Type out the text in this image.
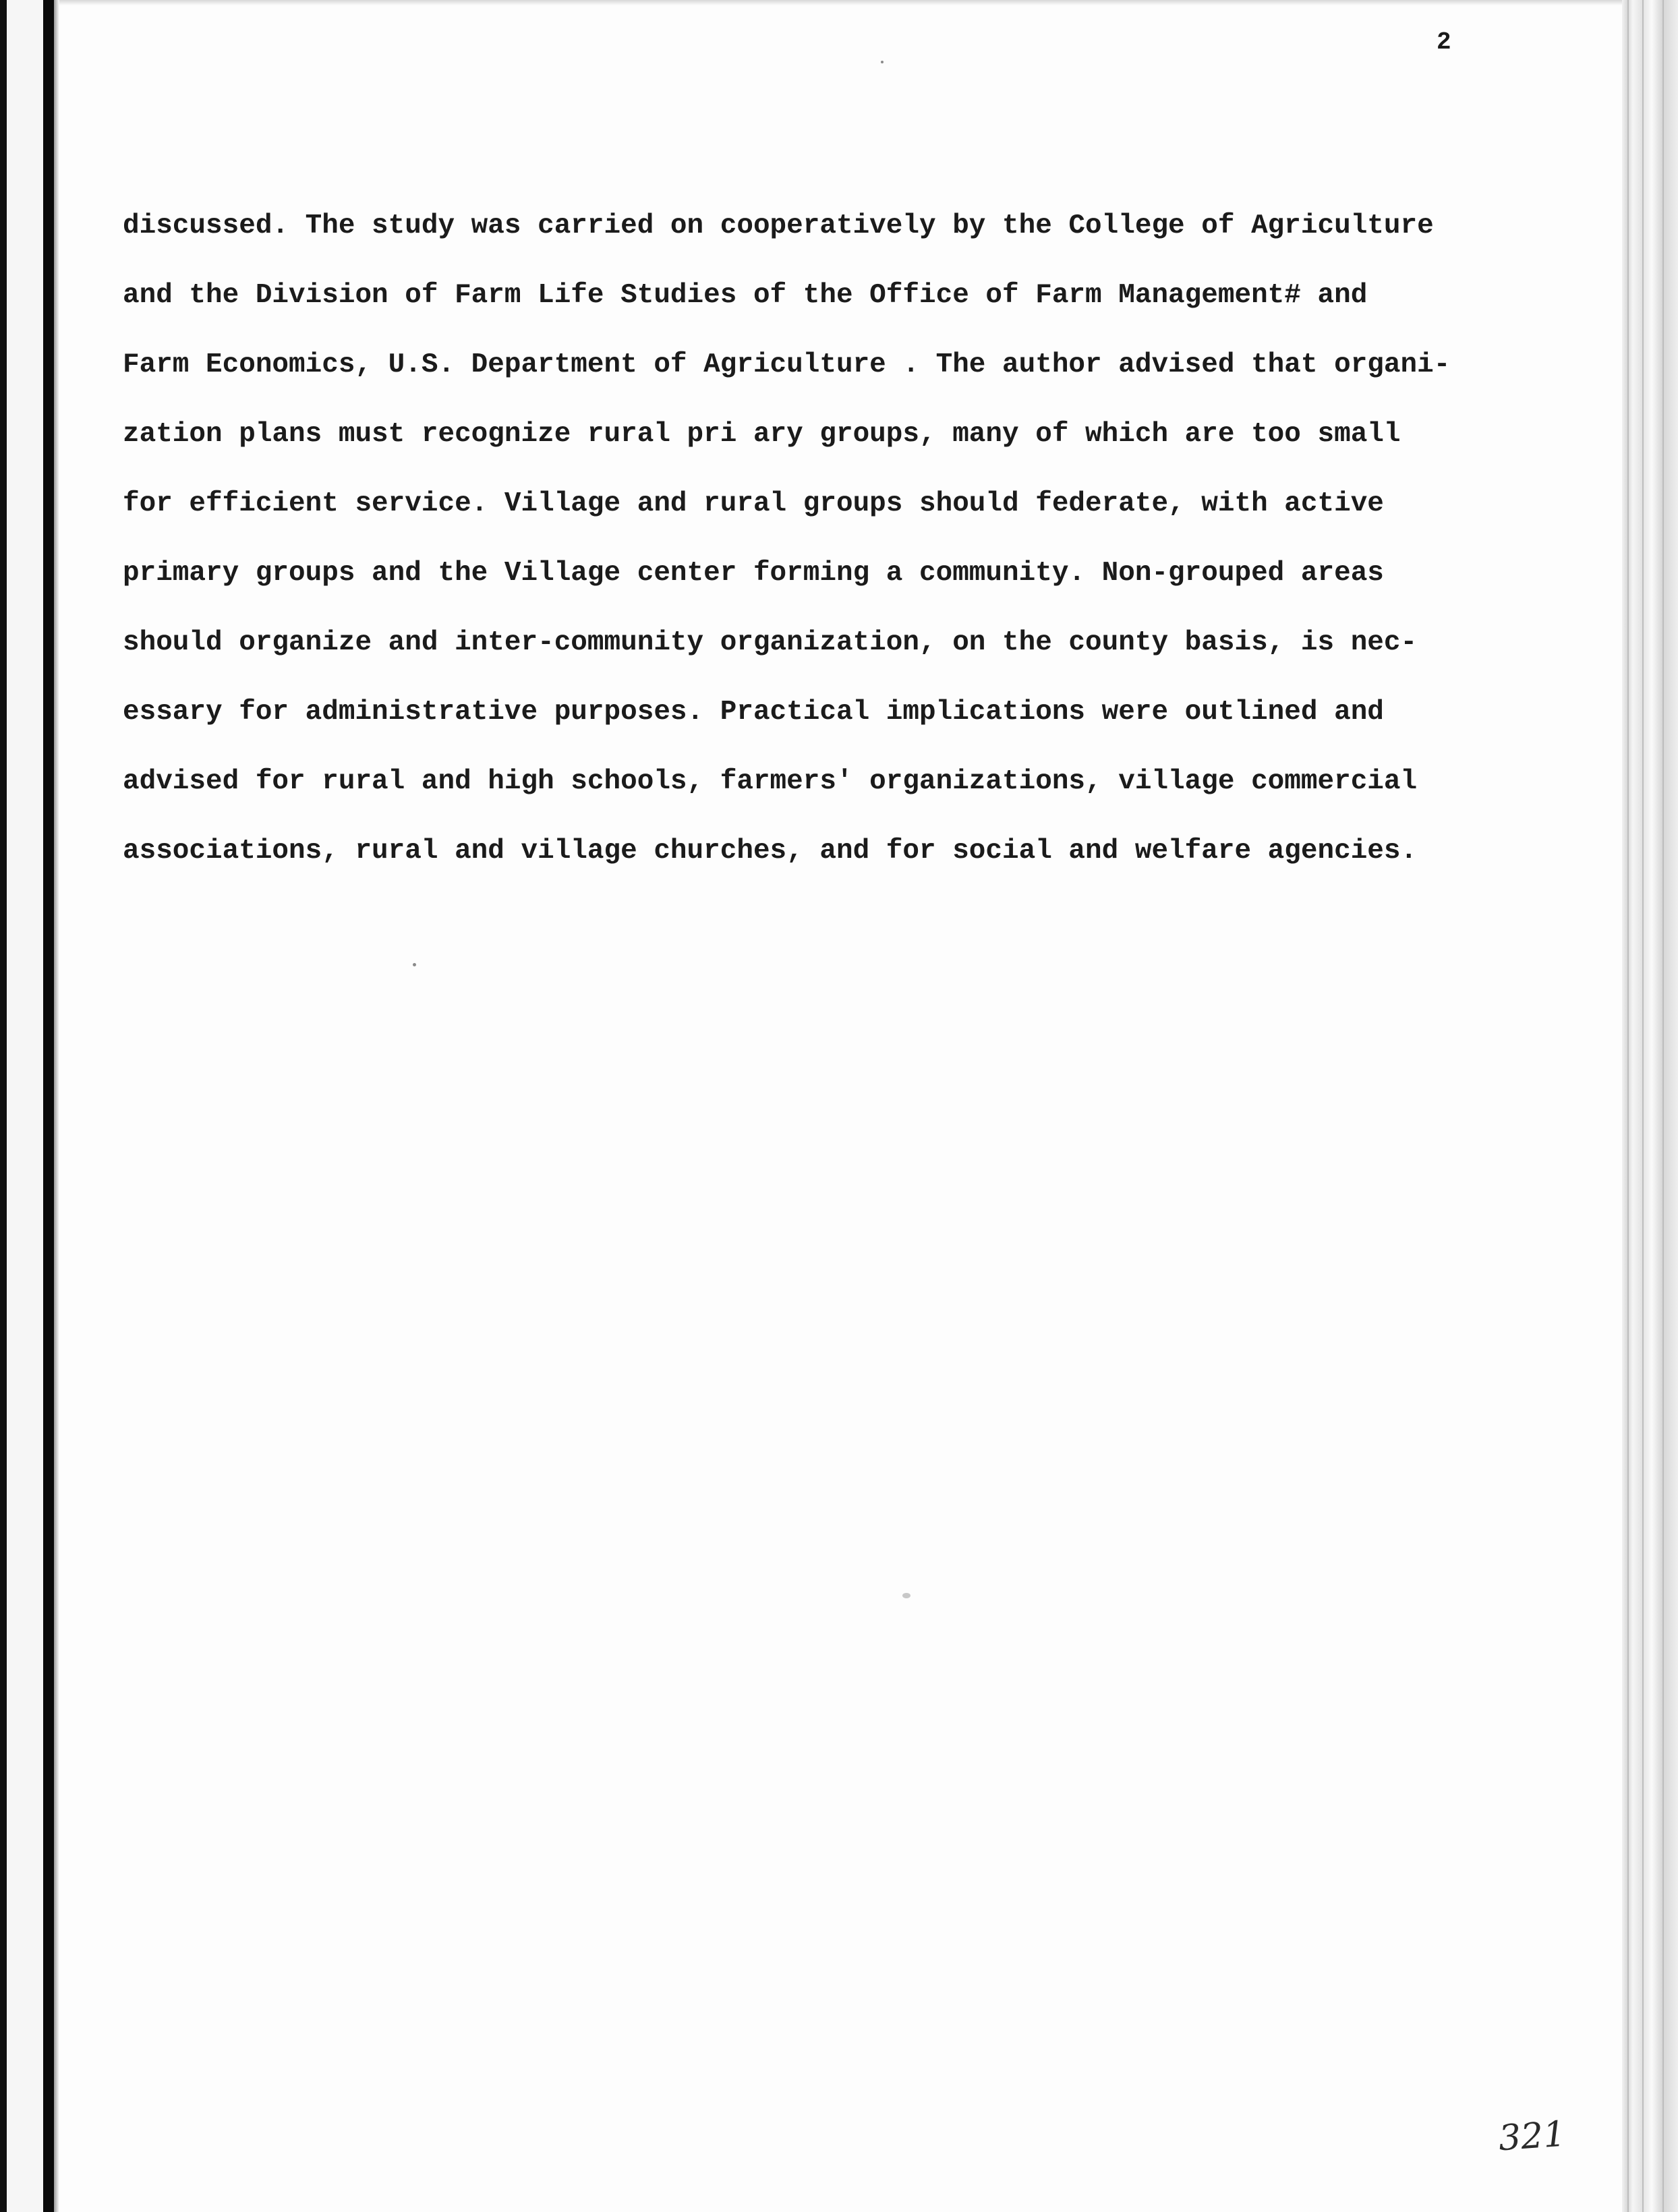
2

discussed. The study was carried on cooperatively by the College of Agriculture
and the Division of Farm Life Studies of the Office of Farm Management# and
Farm Economics, U.S. Department of Agriculture . The author advised that organi-
zation plans must recognize rural pri ary groups, many of which are too small
for efficient service. Village and rural groups should federate, with active
primary groups and the Village center forming a community. Non-grouped areas
should organize and inter-community organization, on the county basis, is nec-
essary for administrative purposes. Practical implications were outlined and
advised for rural and high schools, farmers' organizations, village commercial
associations, rural and village churches, and for social and welfare agencies.

321
